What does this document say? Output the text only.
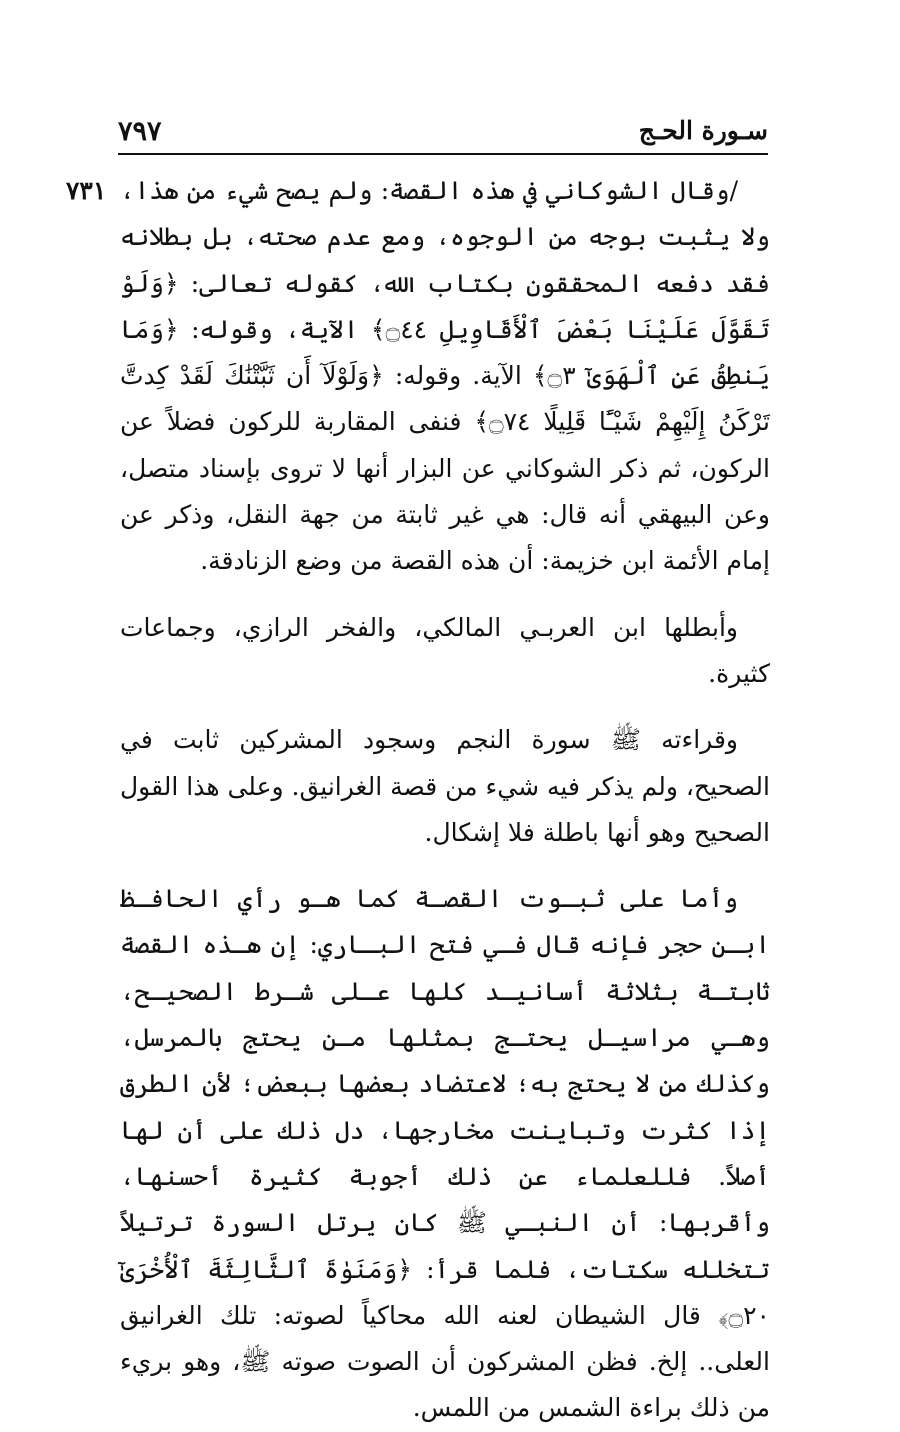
سـورة الحـج
٧٩٧
٧٣١ /وقال الشوكاني في هذه القصة: ولم يصح شيء من هذا، ولا يثبت بوجه من الوجوه، ومع عدم صحته، بل بطلانه فقد دفعه المحققون بكتاب الله، كقوله تعالى: ﴿وَلَوْ تَقَوَّلَ عَلَيْنَا بَعْضَ ٱلْأَقَاوِيلِ ۝٤٤﴾ الآية، وقوله: ﴿وَمَا يَنطِقُ عَنِ ٱلْهَوَىٰٓ ۝٣﴾ الآية. وقوله: ﴿وَلَوْلَآ أَن ثَبَّتْنَٰكَ لَقَدْ كِدتَّ تَرْكَنُ إِلَيْهِمْ شَيْـًٔا قَلِيلًا ۝٧٤﴾ فنفى المقاربة للركون فضلاً عن الركون، ثم ذكر الشوكاني عن البزار أنها لا تروى بإسناد متصل، وعن البيهقي أنه قال: هي غير ثابتة من جهة النقل، وذكر عن إمام الأئمة ابن خزيمة: أن هذه القصة من وضع الزنادقة.

وأبطلها ابن العربـي المالكي، والفخر الرازي، وجماعات كثيرة.

وقراءته ﷺ سورة النجم وسجود المشركين ثابت في الصحيح، ولم يذكر فيه شيء من قصة الغرانيق. وعلى هذا القول الصحيح وهو أنها باطلة فلا إشكال.

وأما على ثبـوت القصـة كما هـو رأي الحافـظ ابـن حجر فإنه قال فـي فتح البـاري: إن هـذه القصة ثابتـة بثلاثة أسانيـد كلها عـلى شـرط الصحيـح، وهـي مراسيـل يحتـج بمثلها مـن يحتج بالمرسل، وكذلك من لا يحتج به؛ لاعتضاد بعضها ببعض؛ لأن الطرق إذا كثرت وتباينت مخارجها، دل ذلك على أن لها أصلاً. فللعلماء عن ذلك أجوبة كثيرة أحسنها، وأقربها: أن النبـي ﷺ كان يرتل السورة ترتيلاً تتخلله سكتات، فلما قرأ: ﴿وَمَنَوٰةَ ٱلثَّالِثَةَ ٱلْأُخْرَىٰٓ ۝٢٠﴾ قال الشيطان لعنه الله محاكياً لصوته: تلك الغرانيق العلى.. إلخ. فظن المشركون أن الصوت صوته ﷺ، وهو بريء من ذلك براءة الشمس من اللمس.
